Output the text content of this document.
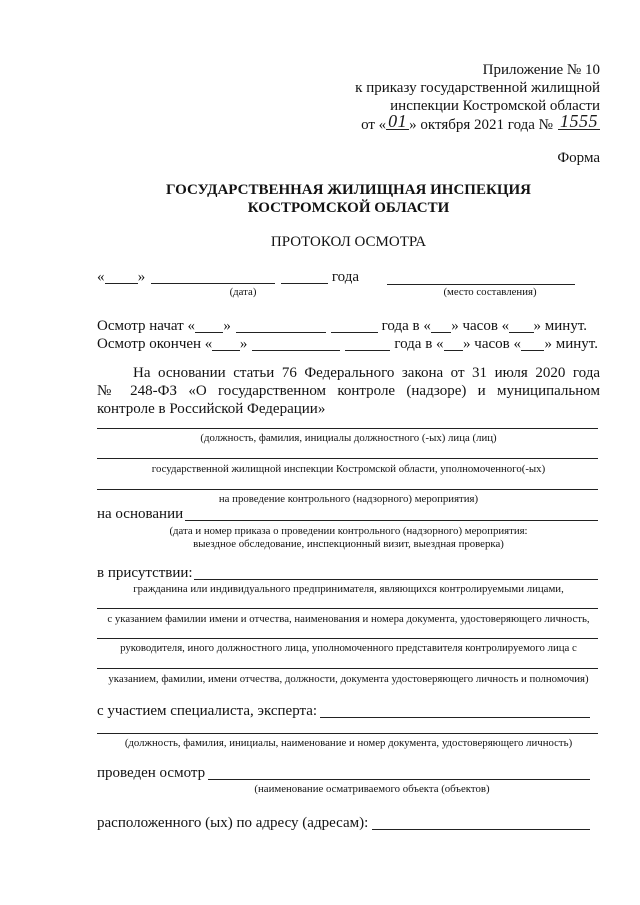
Приложение № 10
к приказу государственной жилищной
инспекции Костромской области
от « 01 » октября 2021 года № 1555
Форма
ГОСУДАРСТВЕННАЯ ЖИЛИЩНАЯ ИНСПЕКЦИЯ
КОСТРОМСКОЙ ОБЛАСТИ
ПРОТОКОЛ ОСМОТРА
« »	года
(дата)	(место составления)
Осмотр начат « »	года в « » часов « » минут.
Осмотр окончен « »	года в « » часов « » минут.
На основании статьи 76 Федерального закона от 31 июля 2020 года
№ 248-ФЗ «О государственном контроле (надзоре) и муниципальном
контроле в Российской Федерации»
(должность, фамилия, инициалы должностного (-ых) лица (лиц)
государственной жилищной инспекции Костромской области, уполномоченного(-ых)
на проведение контрольного (надзорного) мероприятия)
на основании
(дата и номер приказа о проведении контрольного (надзорного) мероприятия:
выездное обследование, инспекционный визит, выездная проверка)
в присутствии:
гражданина или индивидуального предпринимателя, являющихся контролируемыми лицами,
с указанием фамилии имени и отчества, наименования и номера документа, удостоверяющего личность,
руководителя, иного должностного лица, уполномоченного представителя контролируемого лица с
указанием, фамилии, имени отчества, должности, документа удостоверяющего личность и полномочия)
с участием специалиста, эксперта:
(должность, фамилия, инициалы, наименование и номер документа, удостоверяющего личность)
проведен осмотр
(наименование осматриваемого объекта (объектов)
расположенного (ых) по адресу (адресам):
